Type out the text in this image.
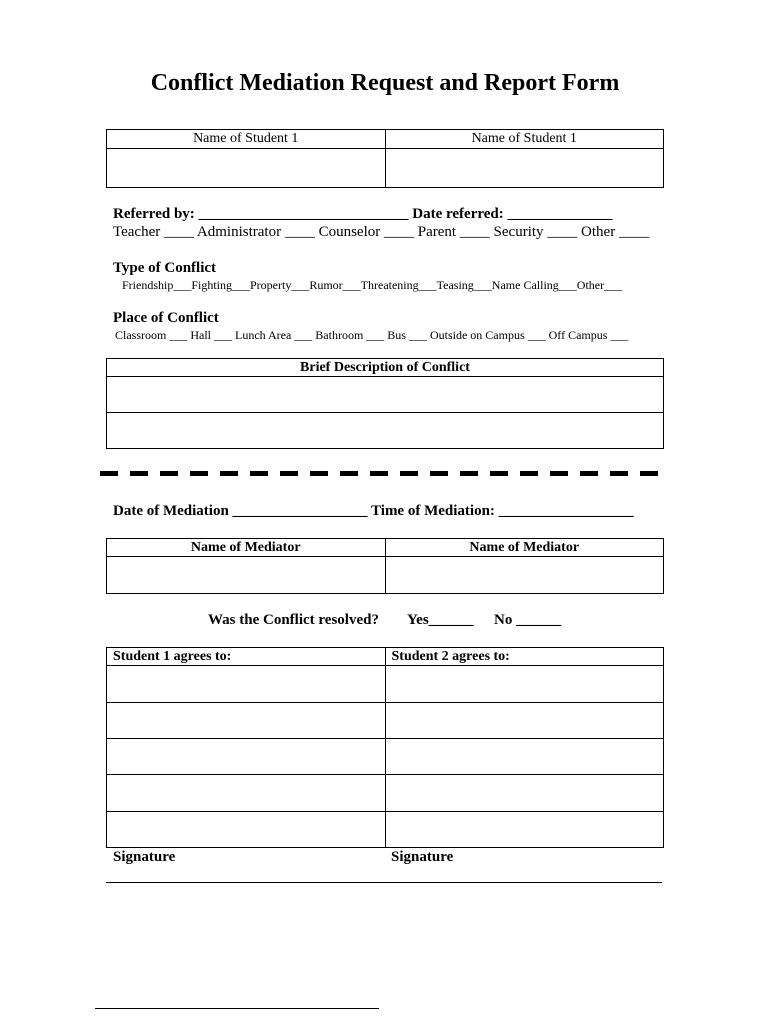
Conflict Mediation Request and Report Form
Name of Student 1	Name of Student 1

Referred by: ____________________________ Date referred: ______________
Teacher ____ Administrator ____ Counselor ____ Parent ____ Security ____ Other ____
Type of Conflict
Friendship___Fighting___Property___Rumor___Threatening___Teasing___Name Calling___Other___
Place of Conflict
Classroom ___ Hall ___ Lunch Area ___ Bathroom ___ Bus ___ Outside on Campus ___ Off Campus ___
Brief Description of Conflict

Date of Mediation __________________ Time of Mediation: __________________
Name of Mediator	Name of Mediator

Was the Conflict resolved? Yes______ No ______
Student 1 agrees to:	Student 2 agrees to:

Signature	Signature
